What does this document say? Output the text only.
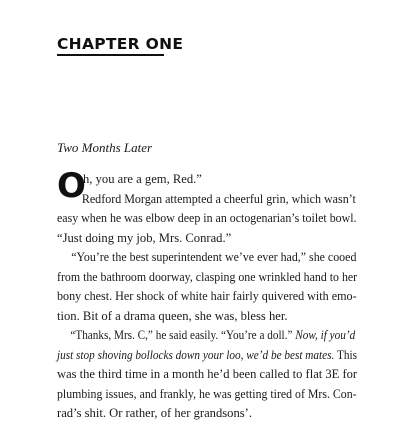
CHAPTER ONE
Two Months Later
O
h, you are a gem, Red.”
Redford Morgan attempted a cheerful grin, which wasn’t
easy when he was elbow deep in an octogenarian’s toilet bowl.
“Just doing my job, Mrs. Conrad.”
“You’re the best superintendent we’ve ever had,” she cooed
from the bathroom doorway, clasping one wrinkled hand to her
bony chest. Her shock of white hair fairly quivered with emo-
tion. Bit of a drama queen, she was, bless her.
“Thanks, Mrs. C,” he said easily. “You’re a doll.” Now, if you’d
just stop shoving bollocks down your loo, we’d be best mates. This
was the third time in a month he’d been called to flat 3E for
plumbing issues, and frankly, he was getting tired of Mrs. Con-
rad’s shit. Or rather, of her grandsons’.
